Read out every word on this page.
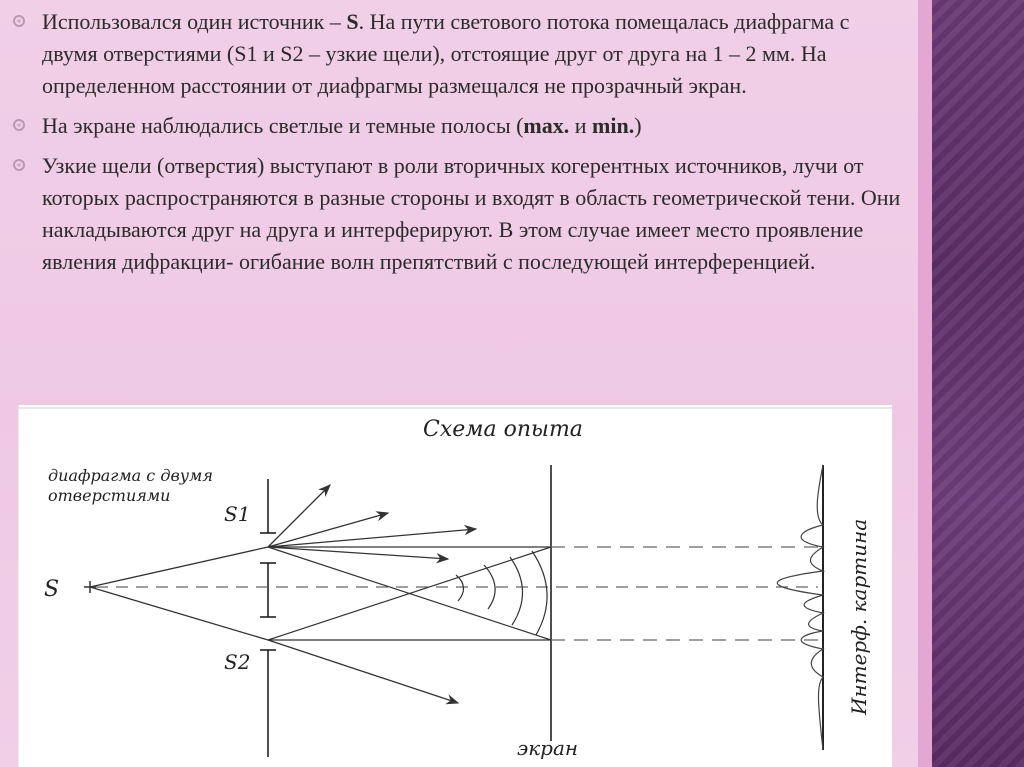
Использовался один источник – S. На пути светового потока помещалась диафрагма с двумя отверстиями (S1 и S2 – узкие щели), отстоящие друг от друга на 1 – 2 мм. На определенном расстоянии от диафрагмы размещался не прозрачный экран.
На экране наблюдались светлые и темные полосы (max. и min.)
Узкие щели (отверстия) выступают в роли вторичных когерентных источников, лучи от которых распространяются в разные стороны и входят в область геометрической тени. Они накладываются друг на друга и интерферируют. В этом случае имеет место проявление явления дифракции- огибание волн препятствий с последующей интерференцией.
Схема опыта
диафрагма с двумя
отверстиями
S1
S2
S
экран
Интерф. картина
